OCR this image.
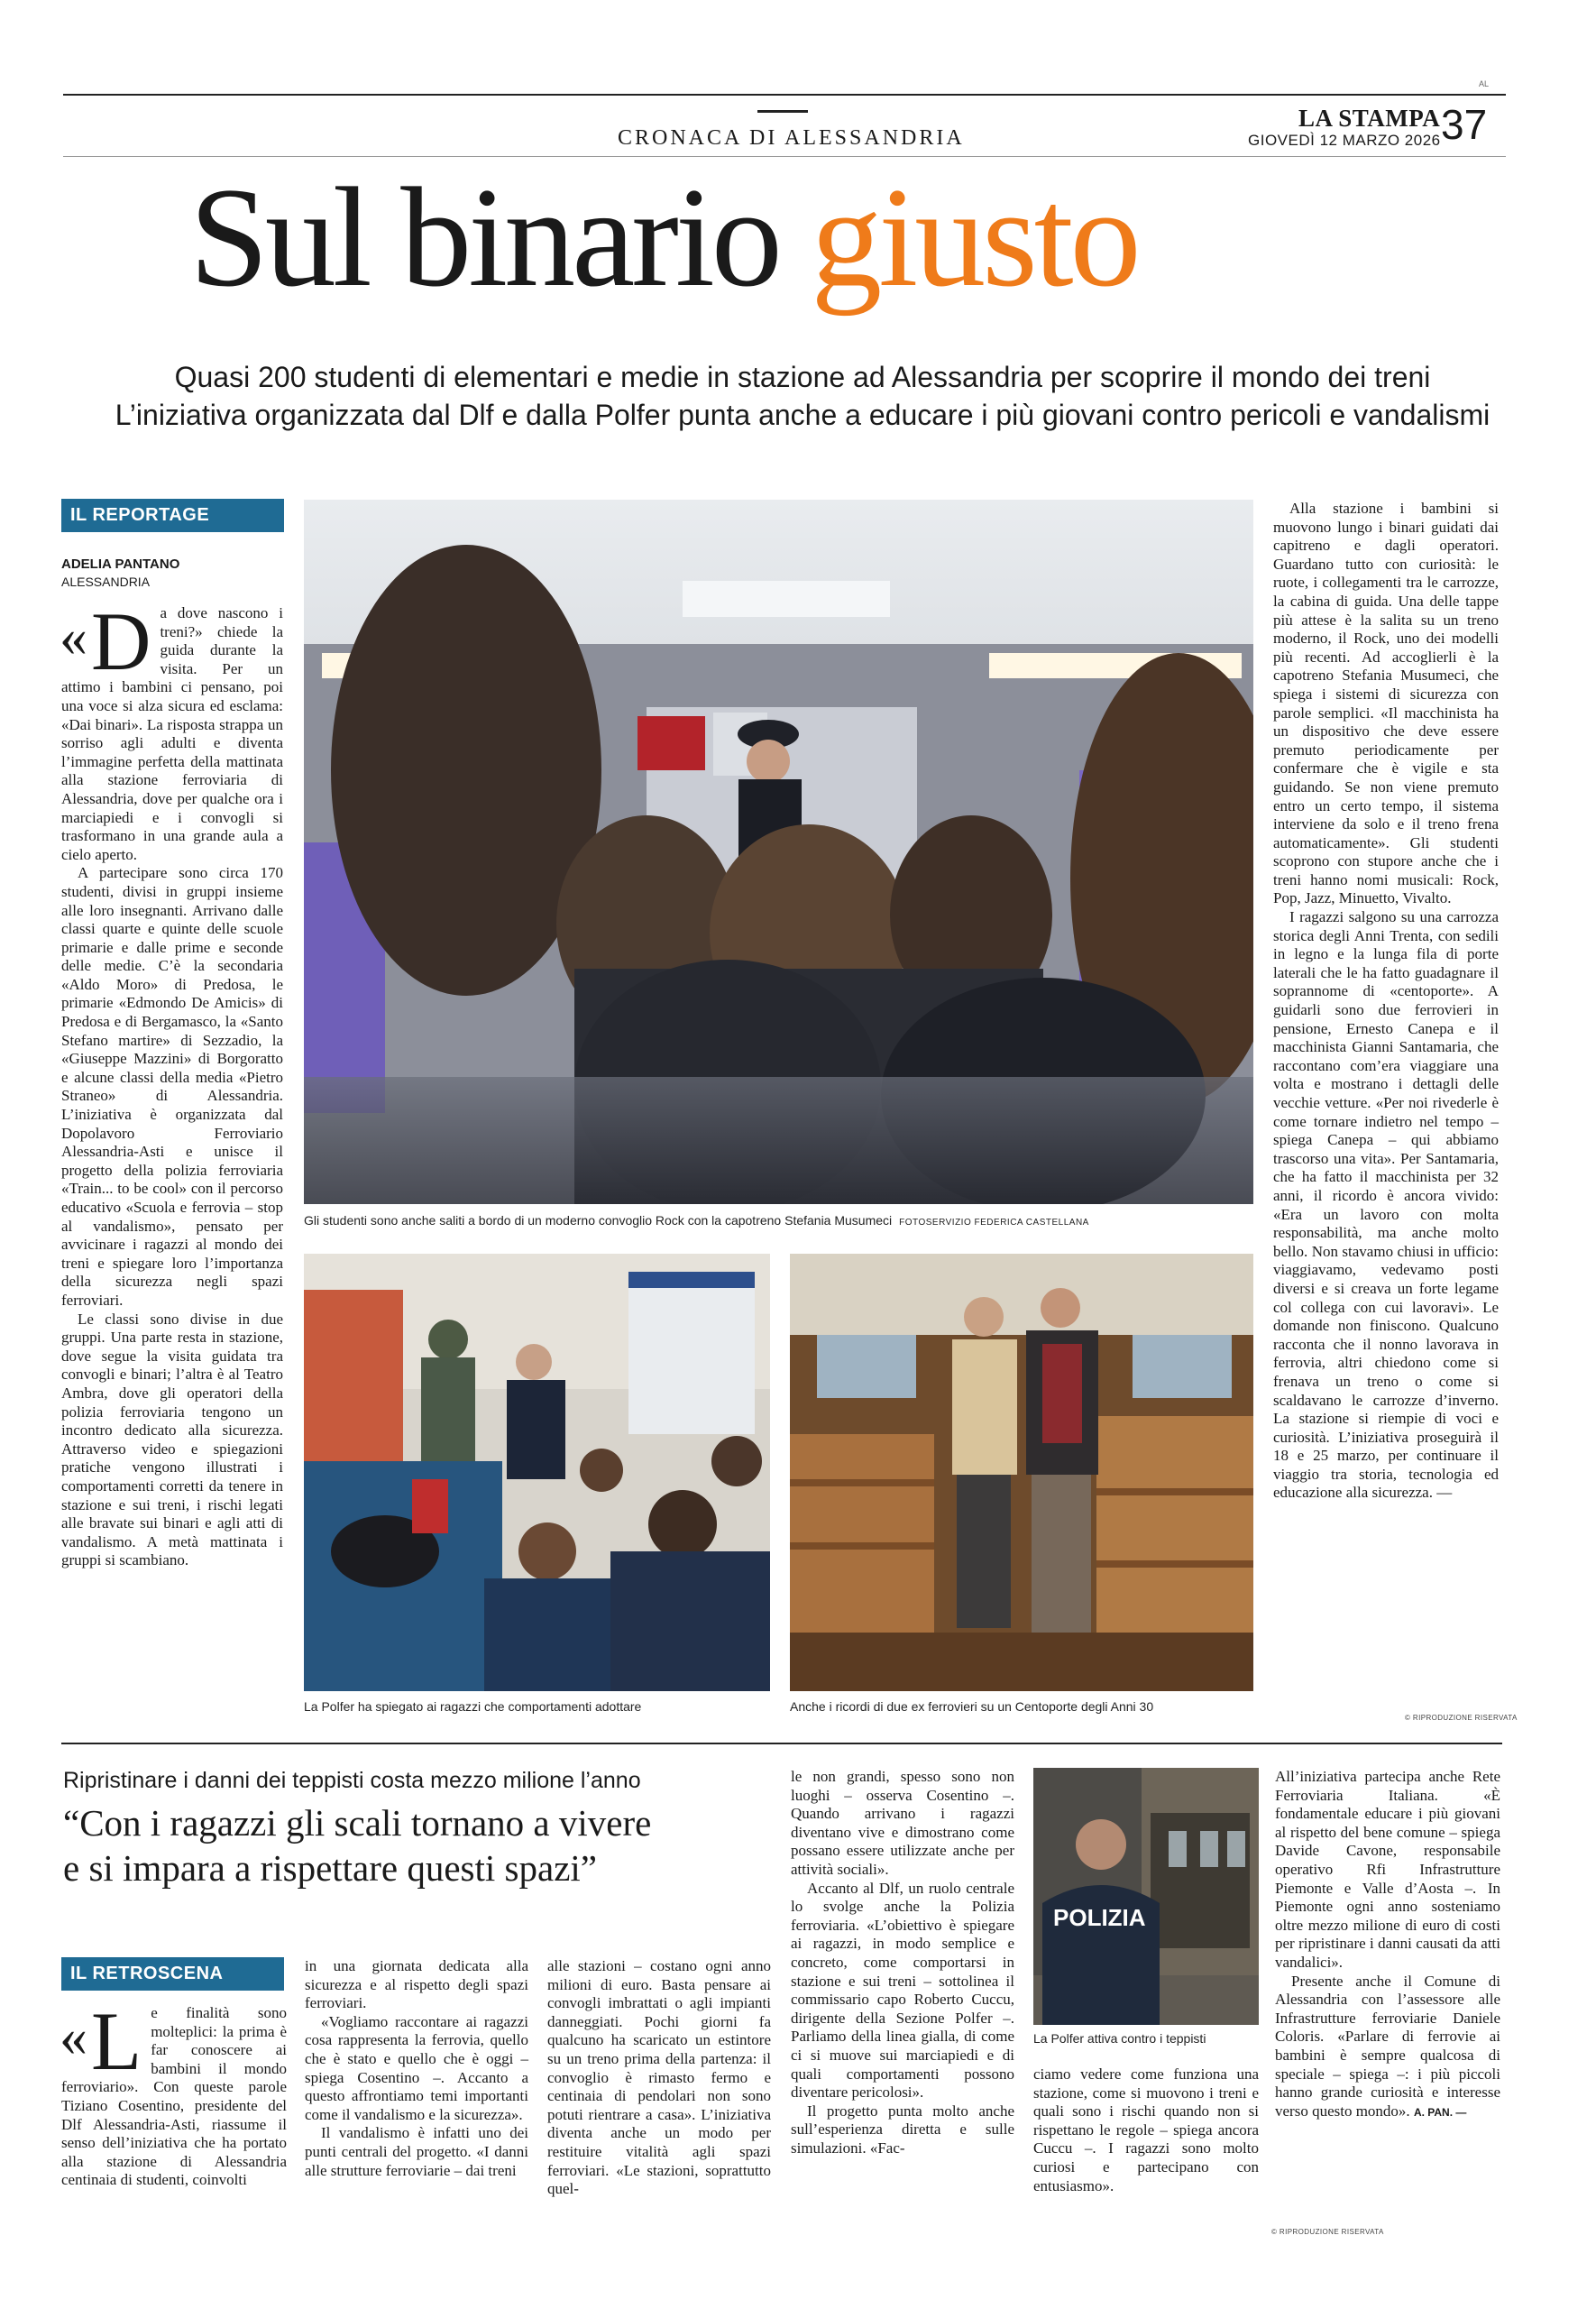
AL
CRONACA DI ALESSANDRIA
LA STAMPA
GIOVEDÌ 12 MARZO 2026 37
Sul binario giusto
Quasi 200 studenti di elementari e medie in stazione ad Alessandria per scoprire il mondo dei treni
L’iniziativa organizzata dal Dlf e dalla Polfer punta anche a educare i più giovani contro pericoli e vandalismi
IL REPORTAGE
ADELIA PANTANO
ALESSANDRIA

« D a dove nascono i treni?» chiede la guida durante la visita. Per un attimo i bambini ci pensano, poi una voce si alza sicura ed esclama: «Dai binari». La risposta strappa un sorriso agli adulti e diventa l’immagine perfetta della mattinata alla stazione ferroviaria di Alessandria, dove per qualche ora i marciapiedi e i convogli si trasformano in una grande aula a cielo aperto.

A partecipare sono circa 170 studenti, divisi in gruppi insieme alle loro insegnanti. Arrivano dalle classi quarte e quinte delle scuole primarie e dalle prime e seconde delle medie. C’è la secondaria «Aldo Moro» di Predosa, le primarie «Edmondo De Amicis» di Predosa e di Bergamasco, la «Santo Stefano martire» di Sezzadio, la «Giuseppe Mazzini» di Borgoratto e alcune classi della media «Pietro Straneo» di Alessandria. L’iniziativa è organizzata dal Dopolavoro Ferroviario Alessandria-Asti e unisce il progetto della polizia ferroviaria «Train... to be cool» con il percorso educativo «Scuola e ferrovia – stop al vandalismo», pensato per avvicinare i ragazzi al mondo dei treni e spiegare loro l’importanza della sicurezza negli spazi ferroviari.

Le classi sono divise in due gruppi. Una parte resta in stazione, dove segue la visita guidata tra convogli e binari; l’altra è al Teatro Ambra, dove gli operatori della polizia ferroviaria tengono un incontro dedicato alla sicurezza. Attraverso video e spiegazioni pratiche vengono illustrati i comportamenti corretti da tenere in stazione e sui treni, i rischi legati alle bravate sui binari e agli atti di vandalismo. A metà mattinata i gruppi si scambiano.

Gli studenti sono anche saliti a bordo di un moderno convoglio Rock con la capotreno Stefania Musumeci FOTOSERVIZIO FEDERICA CASTELLANA
La Polfer ha spiegato ai ragazzi che comportamenti adottare	Anche i ricordi di due ex ferrovieri su un Centoporte degli Anni 30

Alla stazione i bambini si muovono lungo i binari guidati dai capitreno e dagli operatori. Guardano tutto con curiosità: le ruote, i collegamenti tra le carrozze, la cabina di guida. Una delle tappe più attese è la salita su un treno moderno, il Rock, uno dei modelli più recenti. Ad accoglierli è la capotreno Stefania Musumeci, che spiega i sistemi di sicurezza con parole semplici. «Il macchinista ha un dispositivo che deve essere premuto periodicamente per confermare che è vigile e sta guidando. Se non viene premuto entro un certo tempo, il sistema interviene da solo e il treno frena automaticamente». Gli studenti scoprono con stupore anche che i treni hanno nomi musicali: Rock, Pop, Jazz, Minuetto, Vivalto.

I ragazzi salgono su una carrozza storica degli Anni Trenta, con sedili in legno e la lunga fila di porte laterali che le ha fatto guadagnare il soprannome di «centoporte». A guidarli sono due ferrovieri in pensione, Ernesto Canepa e il macchinista Gianni Santamaria, che raccontano com’era viaggiare una volta e mostrano i dettagli delle vecchie vetture. «Per noi rivederle è come tornare indietro nel tempo – spiega Canepa – qui abbiamo trascorso una vita». Per Santamaria, che ha fatto il macchinista per 32 anni, il ricordo è ancora vivido: «Era un lavoro con molta responsabilità, ma anche molto bello. Non stavamo chiusi in ufficio: viaggiavamo, vedevamo posti diversi e si creava un forte legame col collega con cui lavoravi». Le domande non finiscono. Qualcuno racconta che il nonno lavorava in ferrovia, altri chiedono come si frenava un treno o come si scaldavano le carrozze d’inverno. La stazione si riempie di voci e curiosità. L’iniziativa proseguirà il 18 e 25 marzo, per continuare il viaggio tra storia, tecnologia ed educazione alla sicurezza. —

© RIPRODUZIONE RISERVATA
Ripristinare i danni dei teppisti costa mezzo milione l’anno
“Con i ragazzi gli scali tornano a vivere
e si impara a rispettare questi spazi”
IL RETROSCENA

« L e finalità sono molteplici: la prima è far conoscere ai bambini il mondo ferroviario». Con queste parole Tiziano Cosentino, presidente del Dlf Alessandria-Asti, riassume il senso dell’iniziativa che ha portato alla stazione di Alessandria centinaia di studenti, coinvolti

in una giornata dedicata alla sicurezza e al rispetto degli spazi ferroviari.

«Vogliamo raccontare ai ragazzi cosa rappresenta la ferrovia, quello che è stato e quello che è oggi – spiega Cosentino –. Accanto a questo affrontiamo temi importanti come il vandalismo e la sicurezza».

Il vandalismo è infatti uno dei punti centrali del progetto. «I danni alle strutture ferroviarie – dai treni

alle stazioni – costano ogni anno milioni di euro. Basta pensare ai convogli imbrattati o agli impianti danneggiati. Pochi giorni fa qualcuno ha scaricato un estintore su un treno prima della partenza: il convoglio è rimasto fermo e centinaia di pendolari non sono potuti rientrare a casa». L’iniziativa diventa anche un modo per restituire vitalità agli spazi ferroviari. «Le stazioni, soprattutto quel-

le non grandi, spesso sono non luoghi – osserva Cosentino –. Quando arrivano i ragazzi diventano vive e dimostrano come possano essere utilizzate anche per attività sociali».

Accanto al Dlf, un ruolo centrale lo svolge anche la Polizia ferroviaria. «L’obiettivo è spiegare ai ragazzi, in modo semplice e concreto, come comportarsi in stazione e sui treni – sottolinea il commissario capo Roberto Cuccu, dirigente della Sezione Polfer –. Parliamo della linea gialla, di come ci si muove sui marciapiedi e di quali comportamenti possono diventare pericolosi».

Il progetto punta molto anche sull’esperienza diretta e sulle simulazioni. «Fac-

POLIZIA
La Polfer attiva contro i teppisti

ciamo vedere come funziona una stazione, come si muovono i treni e quali sono i rischi quando non si rispettano le regole – spiega ancora Cuccu –. I ragazzi sono molto curiosi e partecipano con entusiasmo».

All’iniziativa partecipa anche Rete Ferroviaria Italiana. «È fondamentale educare i più giovani al rispetto del bene comune – spiega Davide Cavone, responsabile operativo Rfi Infrastrutture Piemonte e Valle d’Aosta –. In Piemonte ogni anno sosteniamo oltre mezzo milione di euro di costi per ripristinare i danni causati da atti vandalici».

Presente anche il Comune di Alessandria con l’assessore alle Infrastrutture ferroviarie Daniele Coloris. «Parlare di ferrovie ai bambini è sempre qualcosa di speciale – spiega –: i più piccoli hanno grande curiosità e interesse verso questo mondo». A. PAN. —

© RIPRODUZIONE RISERVATA
